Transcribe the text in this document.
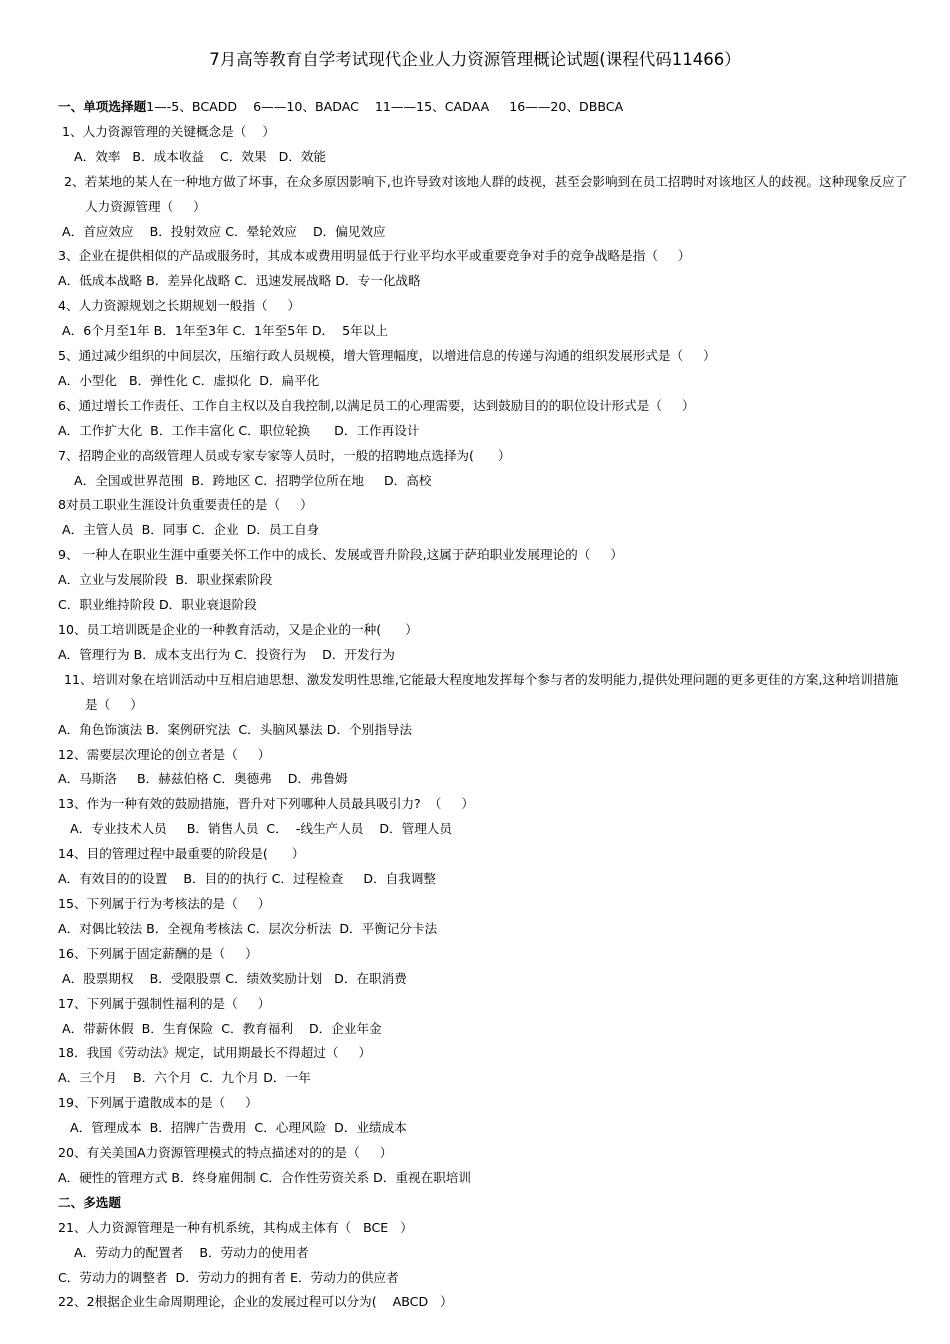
7月高等教育自学考试现代企业人力资源管理概论试题(课程代码11466）
一、单项选择题1—-5、BCADD    6——10、BADAC    11——15、CADAA     16——20、DBBCA
1、人力资源管理的关键概念是（    ）
A．效率   B．成本收益    C．效果   D．效能
2、若某地的某人在一种地方做了坏事，在众多原因影响下,也许导致对该地人群的歧视，甚至会影响到在员工招聘时对该地区人的歧视。这种现象反应了人力资源管理（     ）
A．首应效应    B．投射效应 C．晕轮效应    D．偏见效应
3、企业在提供相似的产品或服务时，其成本或费用明显低于行业平均水平或重要竞争对手的竞争战略是指（     ）
A．低成本战略 B．差异化战略 C．迅速发展战略 D．专一化战略
4、人力资源规划之长期规划一般指（     ）
A．6个月至1年 B．1年至3年 C．1年至5年 D．  5年以上
5、通过减少组织的中间层次，压缩行政人员规模，增大管理幅度，以增进信息的传递与沟通的组织发展形式是（     ）
A．小型化   B．弹性化 C．虚拟化  D．扁平化
6、通过增长工作责任、工作自主权以及自我控制,以满足员工的心理需要，达到鼓励目的的职位设计形式是（     ）
A．工作扩大化  B．工作丰富化 C．职位轮换      D．工作再设计
7、招聘企业的高级管理人员或专家专家等人员时，一般的招聘地点选择为(      ）
A．全国或世界范围  B．跨地区 C．招聘学位所在地     D．高校
8对员工职业生涯设计负重要责任的是（     ）
A．主管人员  B．同事 C．企业  D．员工自身
9、 一种人在职业生涯中重要关怀工作中的成长、发展或晋升阶段,这属于萨珀职业发展理论的（     ）
A．立业与发展阶段  B．职业探索阶段
C．职业维持阶段 D．职业衰退阶段
10、员工培训既是企业的一种教育活动，又是企业的一种(      ）
A．管理行为 B．成本支出行为 C．投资行为    D．开发行为
11、培训对象在培训活动中互相启迪思想、激发发明性思维,它能最大程度地发挥每个参与者的发明能力,提供处理问题的更多更佳的方案,这种培训措施是（     ）
A．角色饰演法 B．案例研究法  C．头脑风暴法 D．个别指导法
12、需要层次理论的创立者是（     ）
A．马斯洛     B．赫兹伯格 C．奥德弗    D．弗鲁姆
13、作为一种有效的鼓励措施，晋升对下列哪种人员最具吸引力?  （     ）
A．专业技术人员     B．销售人员  C．  -线生产人员    D．管理人员
14、目的管理过程中最重要的阶段是(      ）
A．有效目的的设置    B．目的的执行 C．过程检查     D．自我调整
15、下列属于行为考核法的是（     ）
A．对偶比较法 B．全视角考核法 C．层次分析法  D．平衡记分卡法
16、下列属于固定薪酬的是（     ）
A．股票期权    B．受限股票 C．绩效奖励计划   D．在职消费
17、下列属于强制性福利的是（     ）
A．带薪休假  B．生育保险  C．教育福利    D．企业年金
18．我国《劳动法》规定，试用期最长不得超过（     ）
A．三个月    B．六个月  C．九个月 D．一年
19、下列属于遣散成本的是（     ）
A．管理成本  B．招牌广告费用  C．心理风险  D．业绩成本
20、有关美国A力资源管理模式的特点描述对的的是（     ）
A．硬性的管理方式 B．终身雇佣制 C．合作性劳资关系 D．重视在职培训
二、多选题
21、人力资源管理是一种有机系统，其构成主体有（   BCE   ）
A．劳动力的配置者    B．劳动力的使用者
C．劳动力的调整者  D．劳动力的拥有者 E．劳动力的供应者
22、2根据企业生命周期理论，企业的发展过程可以分为(    ABCD   ）
